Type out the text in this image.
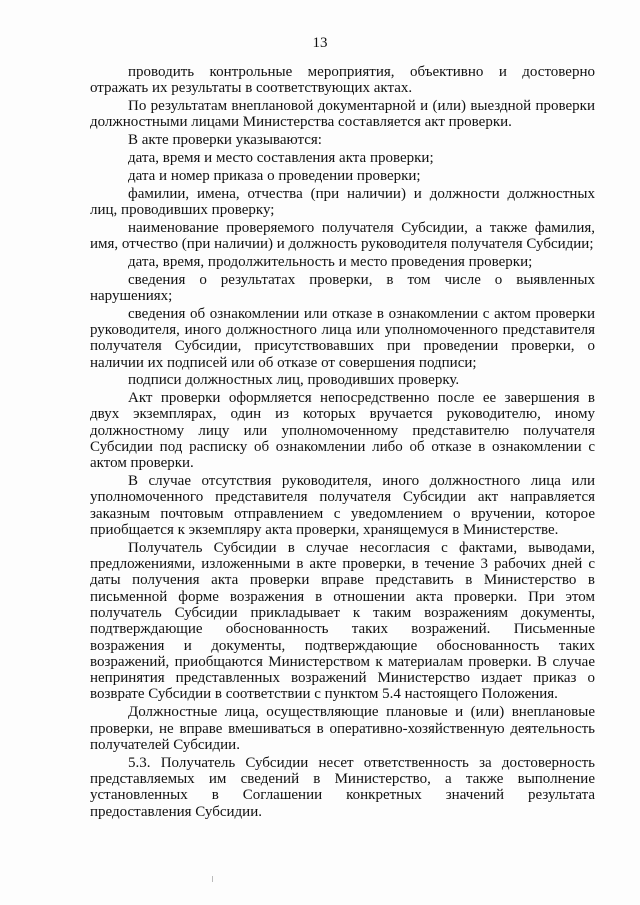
13

проводить контрольные мероприятия, объективно и достоверно отражать их результаты в соответствующих актах.

По результатам внеплановой документарной и (или) выездной проверки должностными лицами Министерства составляется акт проверки.

В акте проверки указываются:

дата, время и место составления акта проверки;

дата и номер приказа о проведении проверки;

фамилии, имена, отчества (при наличии) и должности должностных лиц, проводивших проверку;

наименование проверяемого получателя Субсидии, а также фамилия, имя, отчество (при наличии) и должность руководителя получателя Субсидии;

дата, время, продолжительность и место проведения проверки;

сведения о результатах проверки, в том числе о выявленных нарушениях;

сведения об ознакомлении или отказе в ознакомлении с актом проверки руководителя, иного должностного лица или уполномоченного представителя получателя Субсидии, присутствовавших при проведении проверки, о наличии их подписей или об отказе от совершения подписи;

подписи должностных лиц, проводивших проверку.

Акт проверки оформляется непосредственно после ее завершения в двух экземплярах, один из которых вручается руководителю, иному должностному лицу или уполномоченному представителю получателя Субсидии под расписку об ознакомлении либо об отказе в ознакомлении с актом проверки.

В случае отсутствия руководителя, иного должностного лица или уполномоченного представителя получателя Субсидии акт направляется заказным почтовым отправлением с уведомлением о вручении, которое приобщается к экземпляру акта проверки, хранящемуся в Министерстве.

Получатель Субсидии в случае несогласия с фактами, выводами, предложениями, изложенными в акте проверки, в течение 3 рабочих дней с даты получения акта проверки вправе представить в Министерство в письменной форме возражения в отношении акта проверки. При этом получатель Субсидии прикладывает к таким возражениям документы, подтверждающие обоснованность таких возражений. Письменные возражения и документы, подтверждающие обоснованность таких возражений, приобщаются Министерством к материалам проверки. В случае непринятия представленных возражений Министерство издает приказ о возврате Субсидии в соответствии с пунктом 5.4 настоящего Положения.

Должностные лица, осуществляющие плановые и (или) внеплановые проверки, не вправе вмешиваться в оперативно-хозяйственную деятельность получателей Субсидии.

5.3. Получатель Субсидии несет ответственность за достоверность представляемых им сведений в Министерство, а также выполнение установленных в Соглашении конкретных значений результата предоставления Субсидии.
